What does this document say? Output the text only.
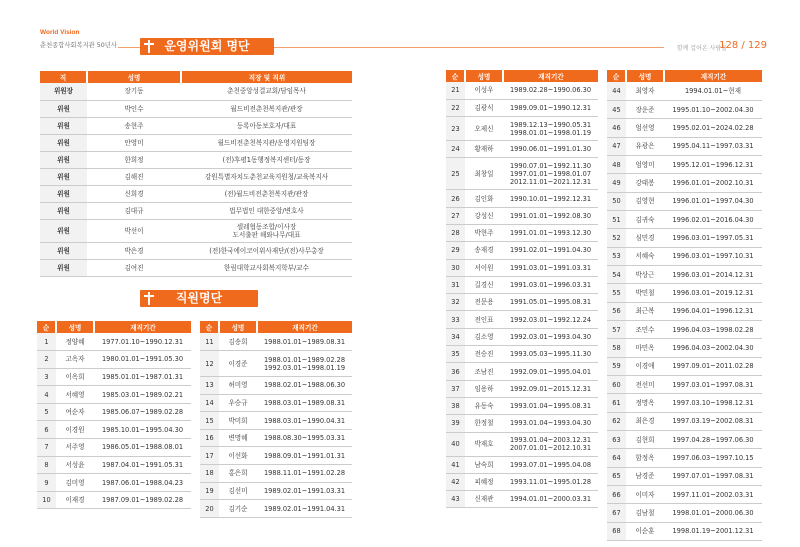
World Vision
춘천종합사회복지관 50년사	운영위원회 명단	함께 걸어온 사람들
128 / 129
직	성명	직장 및 직위
위원장	장기동	춘천중앙성결교회/담임목사
위원	박인수	월드비전춘천복지관/관장
위원	송현주	등록아동보호자/대표
위원	안영미	월드비전춘천복지관/운영지원팀장
위원	한희정	(전)후평1동행정복지센터/동장
위원	김해진	강원특별자치도춘천교육지원청/교육복지사
위원	신희경	(전)월드비전춘천복지관/관장
위원	김대규	법무법인 대한중앙/변호사
위원	박선이	셀레협동조합/이사장
도서출판 해와나무/대표
위원	박은경	(전)한국에이코이위사재단/(전)사무총장
위원	김여진	한림대학교사회복지학부/교수
직원명단
순	성명	재직기간
1	정양혜	1977.01.10~1990.12.31
2	고옥자	1980.01.01~1991.05.30
3	이옥희	1985.01.01~1987.01.31
4	서혜영	1985.03.01~1989.02.21
5	여순자	1985.06.07~1989.02.28
6	이경원	1985.10.01~1995.04.30
7	서주영	1986.05.01~1988.08.01
8	서성윤	1987.04.01~1991.05.31
9	김미영	1987.06.01~1988.04.23
10	이재경	1987.09.01~1989.02.28
순	성명	재직기간
11	김송희	1988.01.01~1989.08.31
12	이경준	1988.01.01~1989.02.28
1992.03.01~1998.01.19
13	허미영	1988.02.01~1988.06.30
14	우승규	1988.03.01~1989.08.31
15	박미희	1988.03.01~1990.04.31
16	변명혜	1988.08.30~1995.03.31
17	이선화	1988.09.01~1991.01.31
18	홍은희	1988.11.01~1991.02.28
19	김선미	1989.02.01~1991.03.31
20	김기순	1989.02.01~1991.04.31
순	성명	재직기간
21	이성우	1989.02.28~1990.06.30
22	김광식	1989.09.01~1990.12.31
23	오제신	1989.12.13~1990.05.31
1998.01.01~1998.01.19
24	황재하	1990.06.01~1991.01.30
25	최창일	1990.07.01~1992.11.30
1997.01.01~1998.01.07
2012.11.01~2021.12.31
26	김인화	1990.10.01~1992.12.31
27	강성신	1991.01.01~1992.08.30
28	박현주	1991.01.01~1993.12.30
29	송재경	1991.02.01~1991.04.30
30	서이원	1991.03.01~1991.03.31
31	길경신	1991.03.01~1996.03.31
32	전문용	1991.05.01~1995.08.31
33	전인표	1992.03.01~1992.12.24
34	김소영	1992.03.01~1993.04.30
35	전승진	1993.05.03~1995.11.30
36	조남진	1992.09.01~1995.04.01
37	임용하	1992.09.01~2015.12.31
38	유동숙	1993.01.04~1995.08.31
39	한정철	1993.01.04~1993.04.30
40	박재호	1993.01.04~2003.12.31
2007.01.01~2012.10.31
41	남숙희	1993.07.01~1995.04.08
42	피혜정	1993.11.01~1995.01.28
43	신재관	1994.01.01~2000.03.31
순	성명	재직기간
44	최영자	1994.01.01~현재
45	장운준	1995.01.10~2002.04.30
46	엄선영	1995.02.01~2024.02.28
47	유광은	1995.04.11~1997.03.31
48	엄영미	1995.12.01~1996.12.31
49	강태봉	1996.01.01~2002.10.31
50	김영현	1996.01.01~1997.04.30
51	김귀숙	1996.02.01~2016.04.30
52	심민경	1996.03.01~1997.05.31
53	서혜숙	1996.03.01~1997.10.31
54	박상근	1996.03.01~2014.12.31
55	박민철	1996.03.01~2019.12.31
56	최근복	1996.04.01~1996.12.31
57	조민수	1996.04.03~1998.02.28
58	마민옥	1996.04.03~2002.04.30
59	이경애	1997.09.01~2011.02.28
60	전선미	1997.03.01~1997.08.31
61	정명옥	1997.03.10~1998.12.31
62	최은경	1997.03.19~2002.08.31
63	김현희	1997.04.28~1997.06.30
64	함정옥	1997.06.03~1997.10.15
65	남경준	1997.07.01~1997.08.31
66	이미자	1997.11.01~2002.03.31
67	김남철	1998.01.01~2000.06.30
68	이순훈	1998.01.19~2001.12.31
